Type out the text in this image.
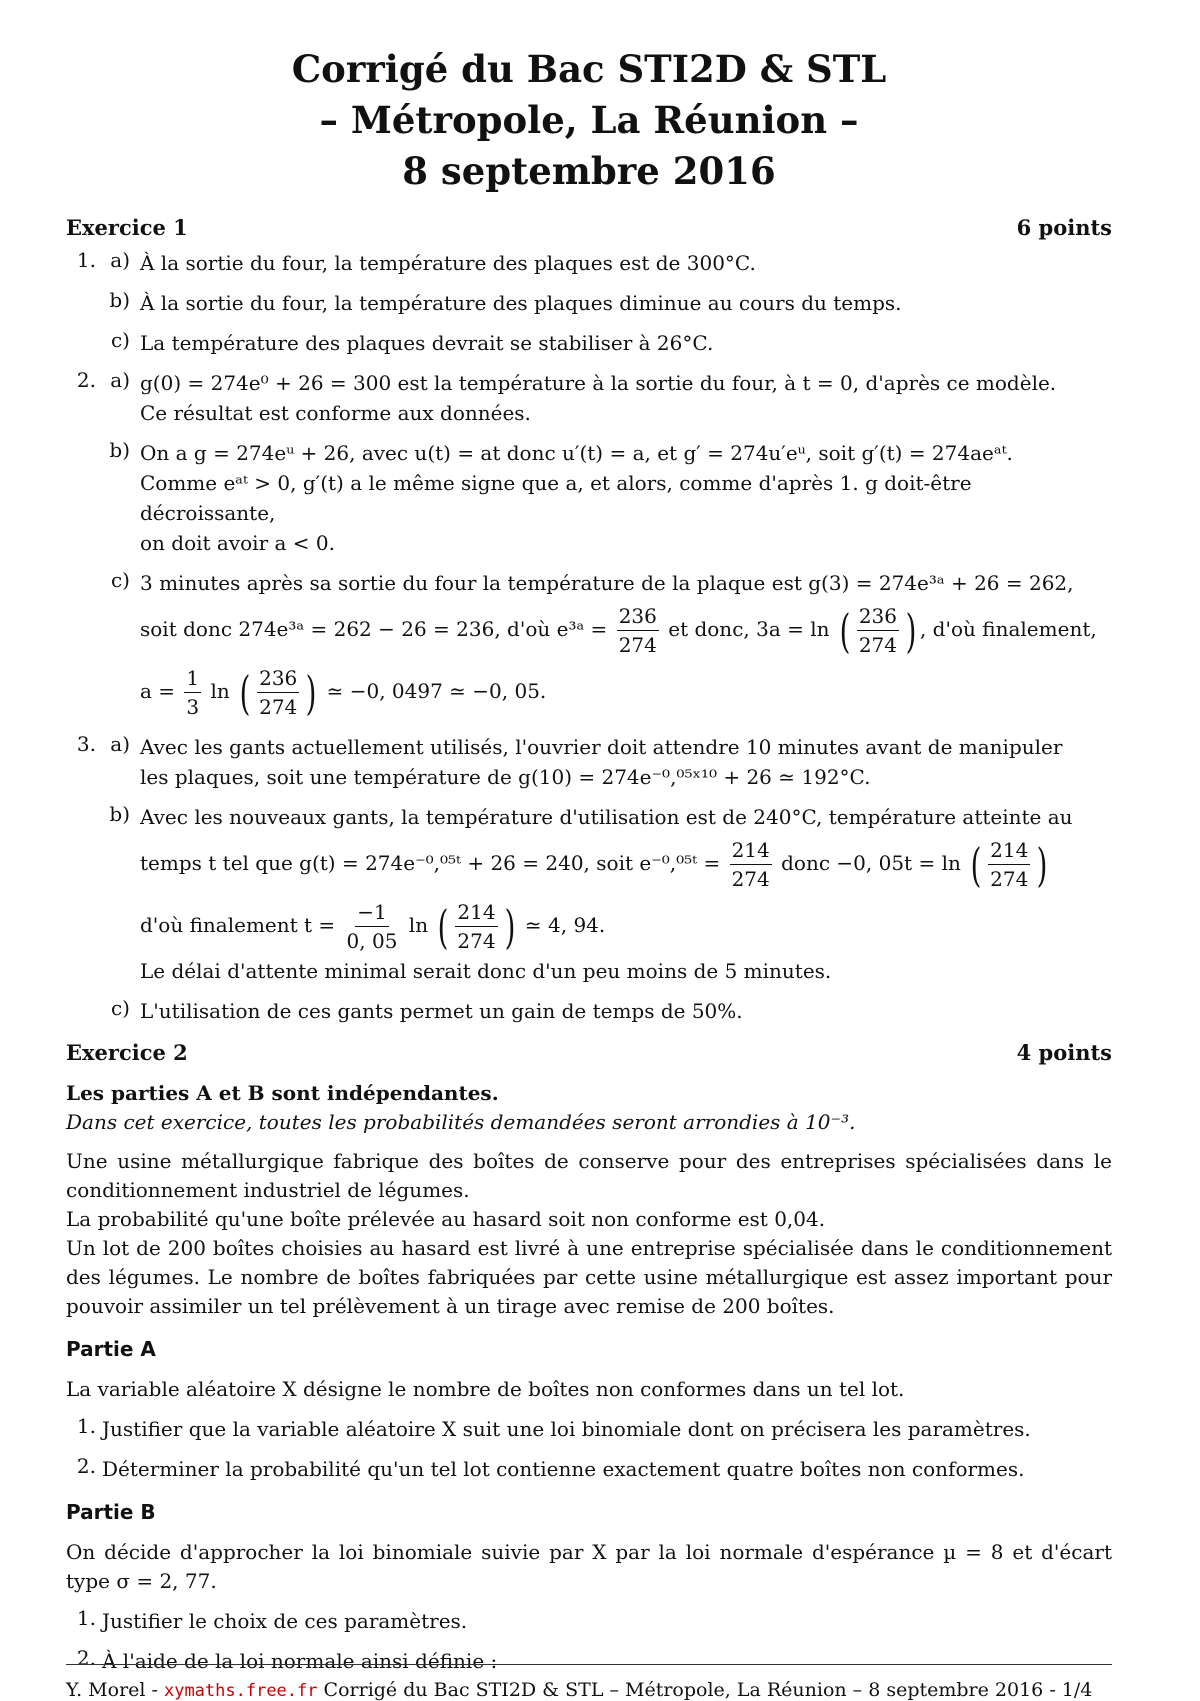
Corrigé du Bac STI2D & STL
– Métropole, La Réunion –
8 septembre 2016
Exercice 1	6 points
1. a) À la sortie du four, la température des plaques est de 300°C.

b) À la sortie du four, la température des plaques diminue au cours du temps.

c) La température des plaques devrait se stabiliser à 26°C.

2. a) g(0) = 274e⁰ + 26 = 300 est la température à la sortie du four, à t = 0, d'après ce modèle.

Ce résultat est conforme aux données.

b) On a g = 274eᵘ + 26, avec u(t) = at donc u′(t) = a, et g′ = 274u′eᵘ, soit g′(t) = 274aeᵃᵗ.

Comme eᵃᵗ > 0, g′(t) a le même signe que a, et alors, comme d'après 1. g doit-être décroissante,

on doit avoir a < 0.

c) 3 minutes après sa sortie du four la température de la plaque est g(3) = 274e³ᵃ + 26 = 262,

soit donc 274e³ᵃ = 262 − 26 = 236, d'où e³ᵃ = $\frac{236}{274}$ et donc, 3a = ln ( $\frac{236}{274}$ ) , d'où finalement,

$a = \frac{1}{3}$ ln ( $\frac{236}{274}$ ) ≃ −0, 0497 ≃ −0, 05.

3. a) Avec les gants actuellement utilisés, l'ouvrier doit attendre 10 minutes avant de manipuler

les plaques, soit une température de g(10) = 274e⁻⁰,⁰⁵ˣ¹⁰ + 26 ≃ 192°C.

b) Avec les nouveaux gants, la température d'utilisation est de 240°C, température atteinte au

temps t tel que g(t) = 274e⁻⁰,⁰⁵ᵗ + 26 = 240, soit e⁻⁰,⁰⁵ᵗ = $\frac{214}{274}$ donc −0, 05t = ln ( $\frac{214}{274}$ )

d'où finalement $t = \frac{-1}{0, 05}$ ln ( $\frac{214}{274}$ ) ≃ 4, 94.

Le délai d'attente minimal serait donc d'un peu moins de 5 minutes.

c) L'utilisation de ces gants permet un gain de temps de 50%.

Exercice 2	4 points

Les parties A et B sont indépendantes.

Dans cet exercice, toutes les probabilités demandées seront arrondies à 10⁻³.

Une usine métallurgique fabrique des boîtes de conserve pour des entreprises spécialisées dans le conditionnement industriel de légumes.

La probabilité qu'une boîte prélevée au hasard soit non conforme est 0,04.

Un lot de 200 boîtes choisies au hasard est livré à une entreprise spécialisée dans le conditionnement des légumes. Le nombre de boîtes fabriquées par cette usine métallurgique est assez important pour pouvoir assimiler un tel prélèvement à un tirage avec remise de 200 boîtes.

Partie A

La variable aléatoire X désigne le nombre de boîtes non conformes dans un tel lot.

1. Justifier que la variable aléatoire X suit une loi binomiale dont on précisera les paramètres.

2. Déterminer la probabilité qu'un tel lot contienne exactement quatre boîtes non conformes.

Partie B

On décide d'approcher la loi binomiale suivie par X par la loi normale d'espérance µ = 8 et d'écart type σ = 2, 77.

1. Justifier le choix de ces paramètres.

2. À l'aide de la loi normale ainsi définie :

Y. Morel - xymaths.free.fr Corrigé du Bac STI2D & STL – Métropole, La Réunion – 8 septembre 2016 - 1/4
